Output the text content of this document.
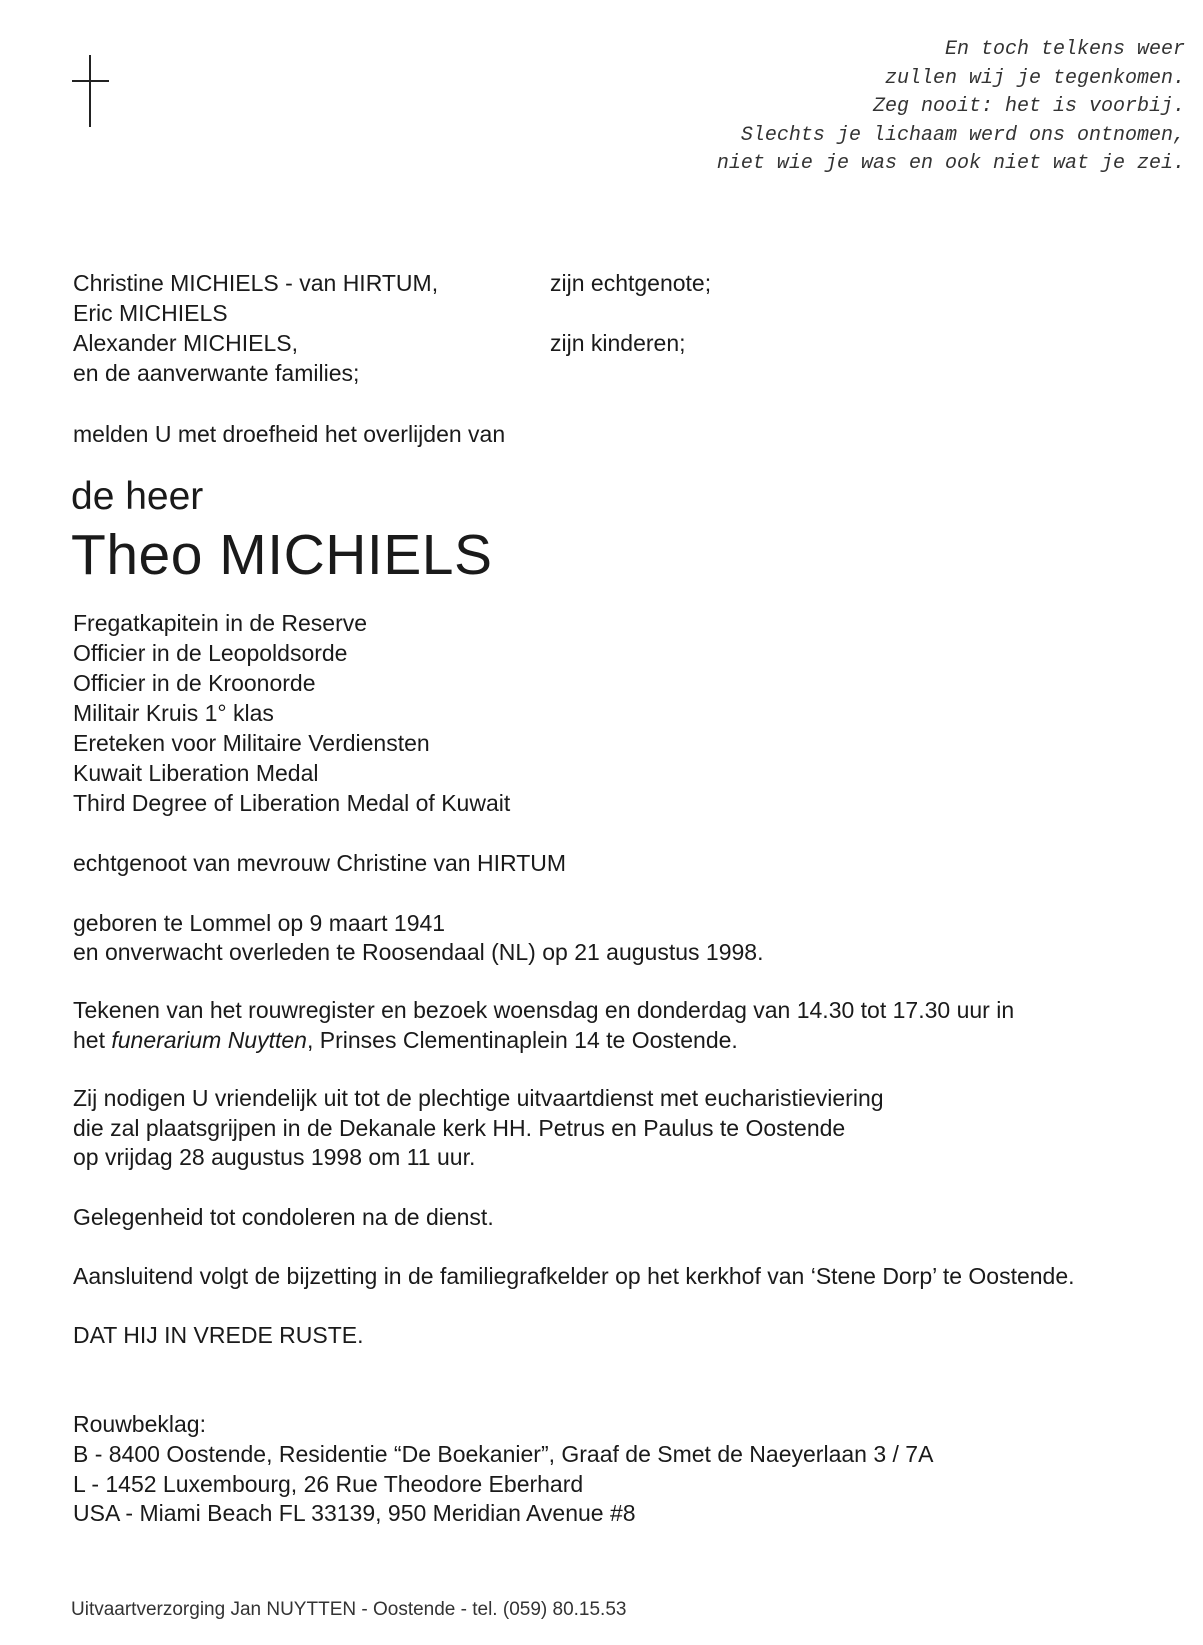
En toch telkens weer
zullen wij je tegenkomen.
Zeg nooit: het is voorbij.
Slechts je lichaam werd ons ontnomen,
niet wie je was en ook niet wat je zei.
Christine MICHIELS - van HIRTUM,	zijn echtgenote;
Eric MICHIELS
Alexander MICHIELS,	zijn kinderen;
en de aanverwante families;
melden U met droefheid het overlijden van
de heer
Theo MICHIELS
Fregatkapitein in de Reserve
Officier in de Leopoldsorde
Officier in de Kroonorde
Militair Kruis 1° klas
Ereteken voor Militaire Verdiensten
Kuwait Liberation Medal
Third Degree of Liberation Medal of Kuwait
echtgenoot van mevrouw Christine van HIRTUM
geboren te Lommel op 9 maart 1941
en onverwacht overleden te Roosendaal (NL) op 21 augustus 1998.
Tekenen van het rouwregister en bezoek woensdag en donderdag van 14.30 tot 17.30 uur in
het funerarium Nuytten, Prinses Clementinaplein 14 te Oostende.
Zij nodigen U vriendelijk uit tot de plechtige uitvaartdienst met eucharistieviering
die zal plaatsgrijpen in de Dekanale kerk HH. Petrus en Paulus te Oostende
op vrijdag 28 augustus 1998 om 11 uur.
Gelegenheid tot condoleren na de dienst.
Aansluitend volgt de bijzetting in de familiegrafkelder op het kerkhof van ‘Stene Dorp’ te Oostende.
DAT HIJ IN VREDE RUSTE.
Rouwbeklag:
B - 8400 Oostende, Residentie “De Boekanier”, Graaf de Smet de Naeyerlaan 3 / 7A
L - 1452 Luxembourg, 26 Rue Theodore Eberhard
USA - Miami Beach FL 33139, 950 Meridian Avenue #8
Uitvaartverzorging Jan NUYTTEN - Oostende - tel. (059) 80.15.53
